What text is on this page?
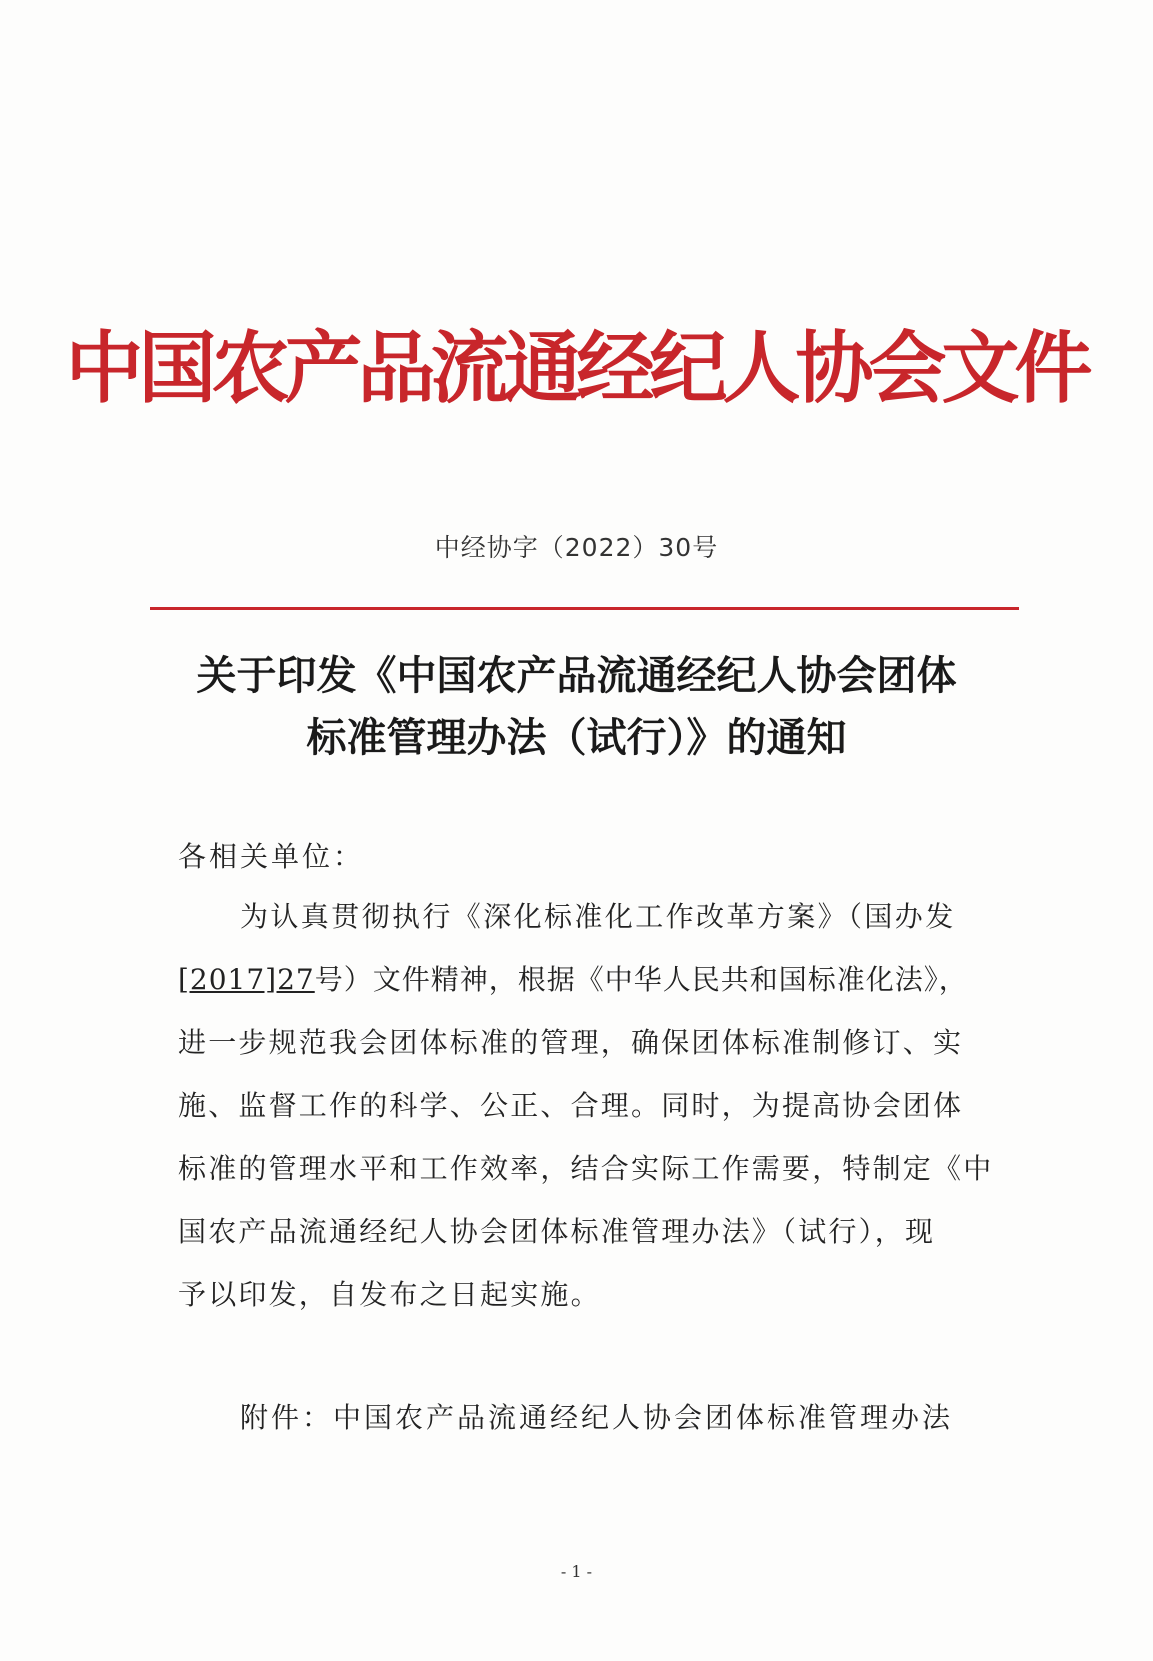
中国农产品流通经纪人协会文件
中经协字（2022）30号
关于印发《中国农产品流通经纪人协会团体
标准管理办法（试行）》的通知
各相关单位：
为认真贯彻执行《深化标准化工作改革方案》（国办发
[2017]27号）文件精神，根据《中华人民共和国标准化法》，
进一步规范我会团体标准的管理，确保团体标准制修订、实
施、监督工作的科学、公正、合理。同时，为提高协会团体
标准的管理水平和工作效率，结合实际工作需要，特制定《中
国农产品流通经纪人协会团体标准管理办法》（试行），现
予以印发，自发布之日起实施。
附件：中国农产品流通经纪人协会团体标准管理办法
- 1 -
